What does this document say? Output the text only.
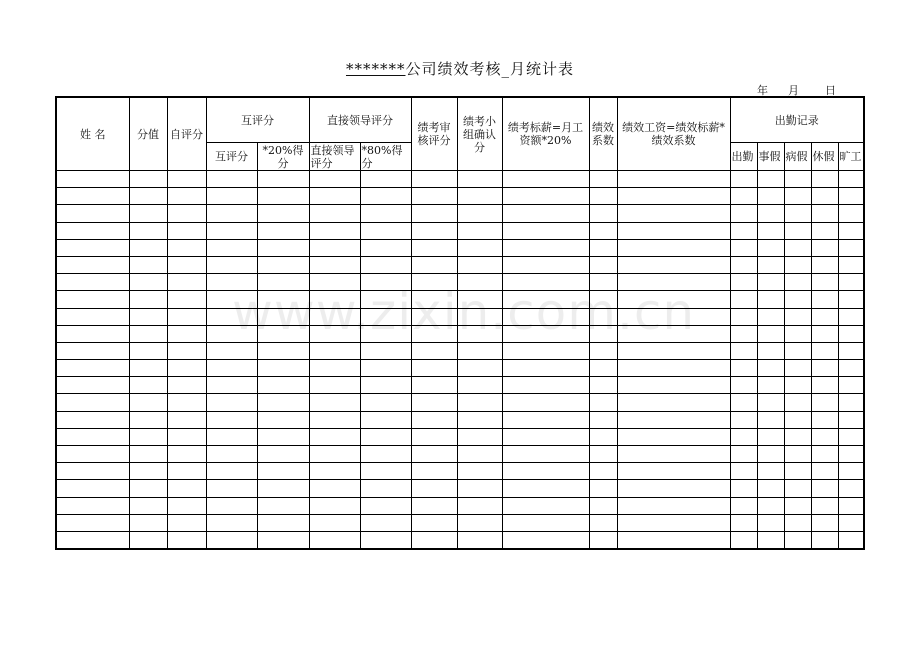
*******公司绩效考核_月统计表
年 月 日
姓 名	分值	自评分	互评分		直接领导评分		绩考审核评分	绩考小组确认分	绩考标薪=月工资额*20%	绩效系数	绩效工资=绩效标薪*绩效系数	出勤记录				
			互评分	*20%得分	直接领导评分	*80%得分						出勤	事假	病假	休假	旷工

www.zixin.com.cn
